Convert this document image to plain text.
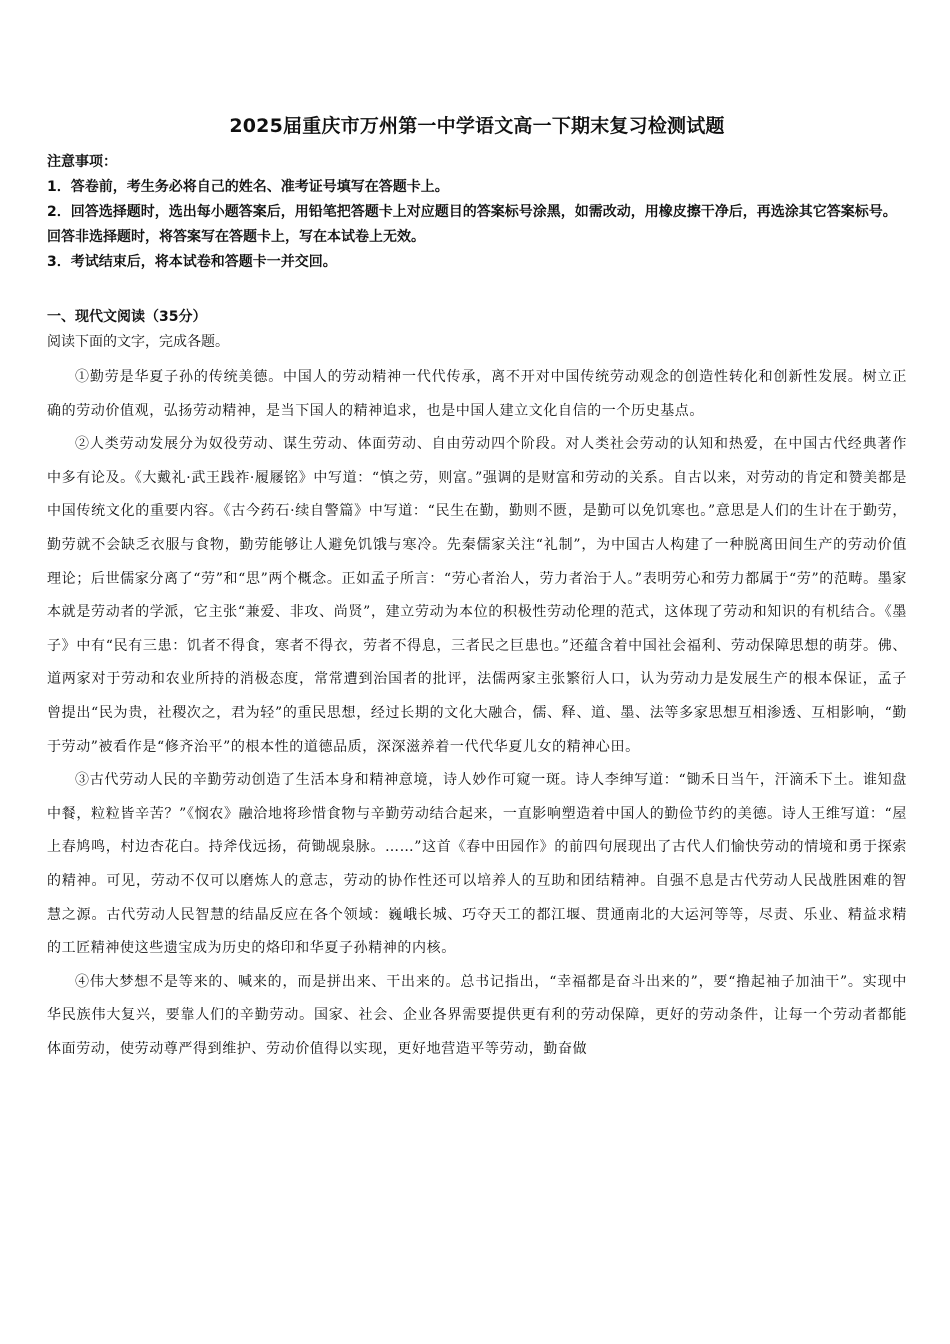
2025届重庆市万州第一中学语文高一下期末复习检测试题

注意事项：

1．答卷前，考生务必将自己的姓名、准考证号填写在答题卡上。

2．回答选择题时，选出每小题答案后，用铅笔把答题卡上对应题目的答案标号涂黑，如需改动，用橡皮擦干净后，再选涂其它答案标号。回答非选择题时，将答案写在答题卡上，写在本试卷上无效。

3．考试结束后，将本试卷和答题卡一并交回。

一、现代文阅读（35分）

阅读下面的文字，完成各题。

①勤劳是华夏子孙的传统美德。中国人的劳动精神一代代传承，离不开对中国传统劳动观念的创造性转化和创新性发展。树立正确的劳动价值观，弘扬劳动精神，是当下国人的精神追求，也是中国人建立文化自信的一个历史基点。

②人类劳动发展分为奴役劳动、谋生劳动、体面劳动、自由劳动四个阶段。对人类社会劳动的认知和热爱，在中国古代经典著作中多有论及。《大戴礼·武王践祚·履屦铭》中写道：“慎之劳，则富。”强调的是财富和劳动的关系。自古以来，对劳动的肯定和赞美都是中国传统文化的重要内容。《古今药石·续自警篇》中写道：“民生在勤，勤则不匮，是勤可以免饥寒也。”意思是人们的生计在于勤劳，勤劳就不会缺乏衣服与食物，勤劳能够让人避免饥饿与寒冷。先秦儒家关注“礼制”，为中国古人构建了一种脱离田间生产的劳动价值理论；后世儒家分离了“劳”和“思”两个概念。正如孟子所言：“劳心者治人，劳力者治于人。”表明劳心和劳力都属于“劳”的范畴。墨家本就是劳动者的学派，它主张“兼爱、非攻、尚贤”，建立劳动为本位的积极性劳动伦理的范式，这体现了劳动和知识的有机结合。《墨子》中有“民有三患：饥者不得食，寒者不得衣，劳者不得息，三者民之巨患也。”还蕴含着中国社会福利、劳动保障思想的萌芽。佛、道两家对于劳动和农业所持的消极态度，常常遭到治国者的批评，法儒两家主张繁衍人口，认为劳动力是发展生产的根本保证，孟子曾提出“民为贵，社稷次之，君为轻”的重民思想，经过长期的文化大融合，儒、释、道、墨、法等多家思想互相渗透、互相影响，“勤于劳动”被看作是“修齐治平”的根本性的道德品质，深深滋养着一代代华夏儿女的精神心田。

③古代劳动人民的辛勤劳动创造了生活本身和精神意境，诗人妙作可窥一斑。诗人李绅写道：“锄禾日当午，汗滴禾下土。谁知盘中餐，粒粒皆辛苦？”《悯农》融洽地将珍惜食物与辛勤劳动结合起来，一直影响塑造着中国人的勤俭节约的美德。诗人王维写道：“屋上春鸠鸣，村边杏花白。持斧伐远扬，荷锄觇泉脉。……”这首《春中田园作》的前四句展现出了古代人们愉快劳动的情境和勇于探索的精神。可见，劳动不仅可以磨炼人的意志，劳动的协作性还可以培养人的互助和团结精神。自强不息是古代劳动人民战胜困难的智慧之源。古代劳动人民智慧的结晶反应在各个领域：巍峨长城、巧夺天工的都江堰、贯通南北的大运河等等，尽责、乐业、精益求精的工匠精神使这些遗宝成为历史的烙印和华夏子孙精神的内核。

④伟大梦想不是等来的、喊来的，而是拼出来、干出来的。总书记指出，“幸福都是奋斗出来的”，要“撸起袖子加油干”。实现中华民族伟大复兴，要靠人们的辛勤劳动。国家、社会、企业各界需要提供更有利的劳动保障，更好的劳动条件，让每一个劳动者都能体面劳动，使劳动尊严得到维护、劳动价值得以实现，更好地营造平等劳动，勤奋做
